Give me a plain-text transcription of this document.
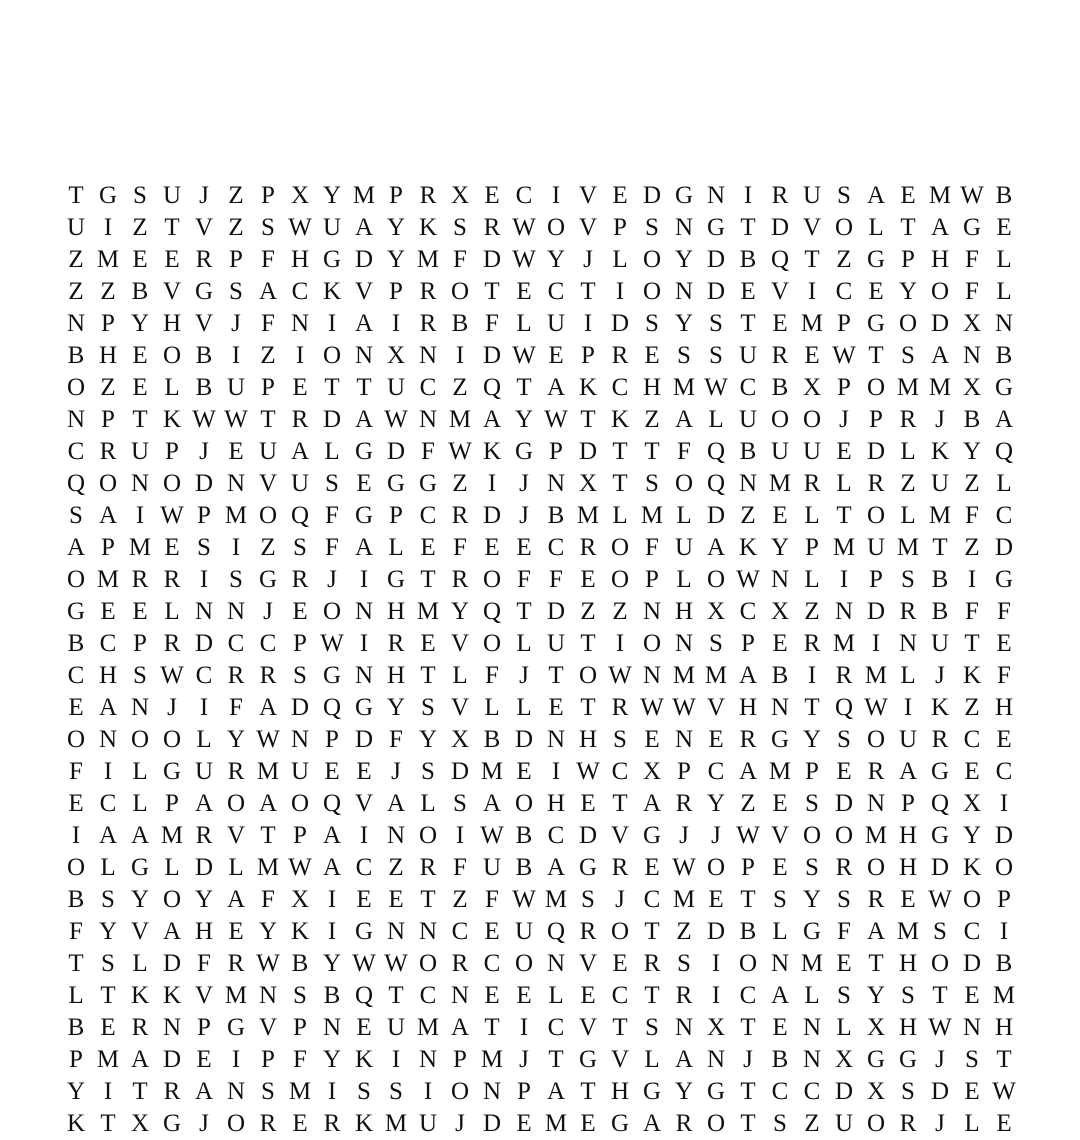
T G S U J Z P X Y M P R X E C I V E D G N I R U S A E M W B
U I Z T V Z S W U A Y K S R W O V P S N G T D V O L T A G E
Z M E E R P F H G D Y M F D W Y J L O Y D B Q T Z G P H F L
Z Z B V G S A C K V P R O T E C T I O N D E V I C E Y O F L
N P Y H V J F N I A I R B F L U I D S Y S T E M P G O D X N
B H E O B I Z I O N X N I D W E P R E S S U R E W T S A N B
O Z E L B U P E T T U C Z Q T A K C H M W C B X P O M M X G
N P T K W W T R D A W N M A Y W T K Z A L U O O J P R J B A
C R U P J E U A L G D F W K G P D T T F Q B U U E D L K Y Q
Q O N O D N V U S E G G Z I J N X T S O Q N M R L R Z U Z L
S A I W P M O Q F G P C R D J B M L M L D Z E L T O L M F C
A P M E S I Z S F A L E F E E C R O F U A K Y P M U M T Z D
O M R R I S G R J I G T R O F F E O P L O W N L I P S B I G
G E E L N N J E O N H M Y Q T D Z Z N H X C X Z N D R B F F
B C P R D C C P W I R E V O L U T I O N S P E R M I N U T E
C H S W C R R S G N H T L F J T O W N M M A B I R M L J K F
E A N J I F A D Q G Y S V L L E T R W W V H N T Q W I K Z H
O N O O L Y W N P D F Y X B D N H S E N E R G Y S O U R C E
F I L G U R M U E E J S D M E I W C X P C A M P E R A G E C
E C L P A O A O Q V A L S A O H E T A R Y Z E S D N P Q X I
I A A M R V T P A I N O I W B C D V G J J W V O O M H G Y D
O L G L D L M W A C Z R F U B A G R E W O P E S R O H D K O
B S Y O Y A F X I E E T Z F W M S J C M E T S Y S R E W O P
F Y V A H E Y K I G N N C E U Q R O T Z D B L G F A M S C I
T S L D F R W B Y W W O R C O N V E R S I O N M E T H O D B
L T K K V M N S B Q T C N E E L E C T R I C A L S Y S T E M
B E R N P G V P N E U M A T I C V T S N X T E N L X H W N H
P M A D E I P F Y K I N P M J T G V L A N J B N X G G J S T
Y I T R A N S M I S S I O N P A T H G Y G T C C D X S D E W
K T X G J O R E R K M U J D E M E G A R O T S Z U O R J L E
